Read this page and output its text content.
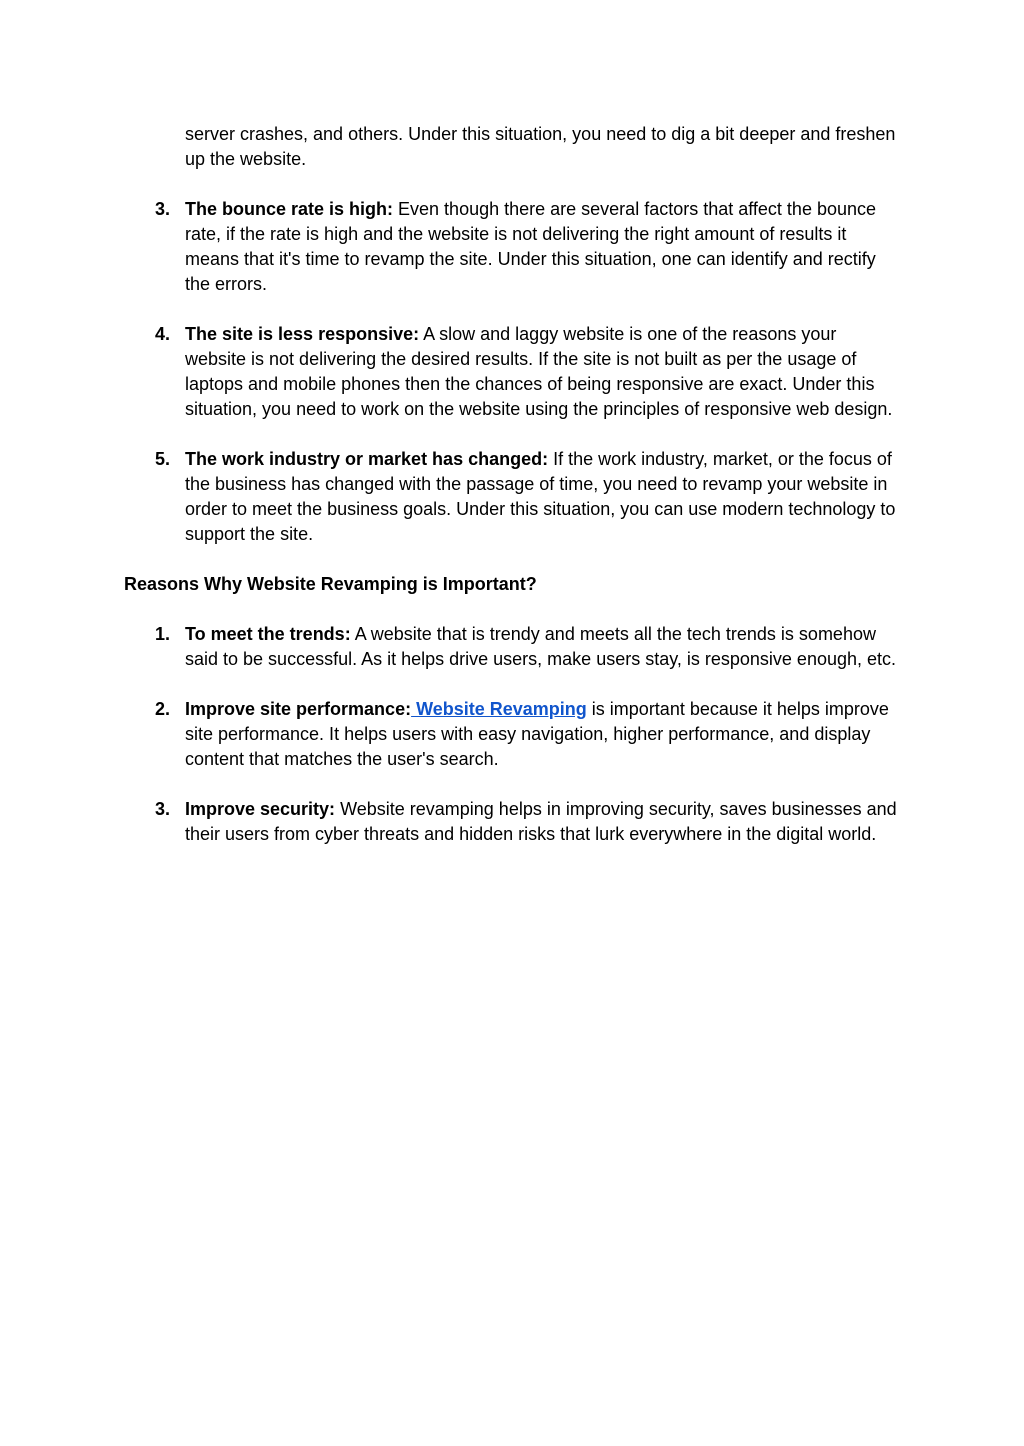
server crashes, and others. Under this situation, you need to dig a bit deeper and freshen up the website.

3. The bounce rate is high: Even though there are several factors that affect the bounce rate, if the rate is high and the website is not delivering the right amount of results it means that it's time to revamp the site. Under this situation, one can identify and rectify the errors.
4. The site is less responsive: A slow and laggy website is one of the reasons your website is not delivering the desired results. If the site is not built as per the usage of laptops and mobile phones then the chances of being responsive are exact. Under this situation, you need to work on the website using the principles of responsive web design.
5. The work industry or market has changed: If the work industry, market, or the focus of the business has changed with the passage of time, you need to revamp your website in order to meet the business goals. Under this situation, you can use modern technology to support the site.
Reasons Why Website Revamping is Important?
1. To meet the trends: A website that is trendy and meets all the tech trends is somehow said to be successful. As it helps drive users, make users stay, is responsive enough, etc.
2. Improve site performance: Website Revamping is important because it helps improve site performance. It helps users with easy navigation, higher performance, and display content that matches the user's search.
3. Improve security: Website revamping helps in improving security, saves businesses and their users from cyber threats and hidden risks that lurk everywhere in the digital world.
